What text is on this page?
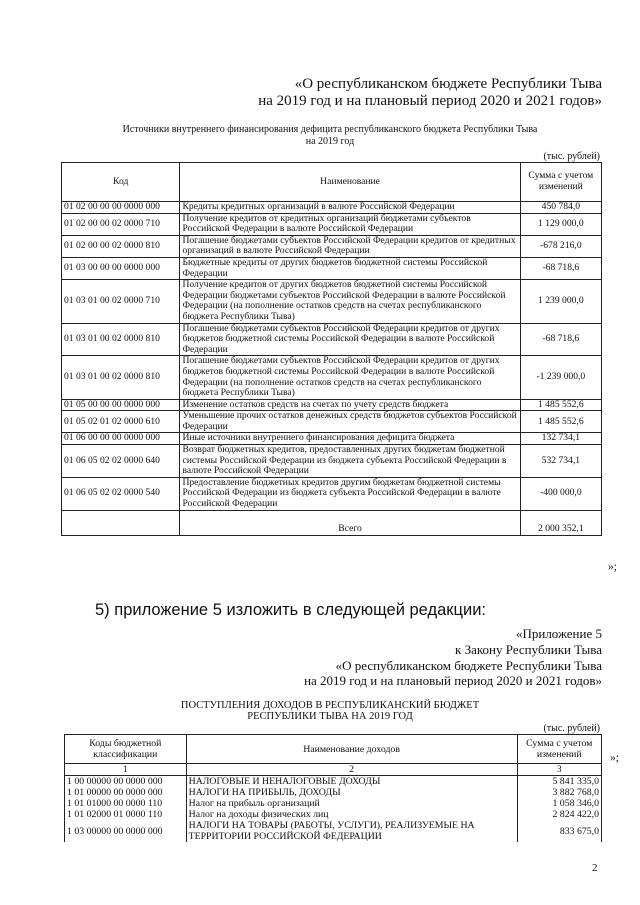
«О республиканском бюджете Республики Тыва
на 2019 год и на плановый период 2020 и 2021 годов»
Источники внутреннего финансирования дефицита республиканского бюджета Республики Тыва
на 2019 год
(тыс. рублей)
Код	Наименование	Сумма с учетом изменений
01 02 00 00 00 0000 000	Кредиты кредитных организаций в валюте Российской Федерации	450 784,0
01 02 00 00 02 0000 710	Получение кредитов от кредитных организаций бюджетами субъектов Российской Федерации в валюте Российской Федерации	1 129 000,0
01 02 00 00 02 0000 810	Погашение бюджетами субъектов Российской Федерации кредитов от кредитных организаций в валюте Российской Федерации	-678 216,0
01 03 00 00 00 0000 000	Бюджетные кредиты от других бюджетов бюджетной системы Российской Федерации	-68 718,6
01 03 01 00 02 0000 710	Получение кредитов от других бюджетов бюджетной системы Российской Федерации бюджетами субъектов Российской Федерации в валюте Российской Федерации (на пополнение остатков средств на счетах республиканского бюджета Республики Тыва)	1 239 000,0
01 03 01 00 02 0000 810	Погашение бюджетами субъектов Российской Федерации кредитов от других бюджетов бюджетной системы Российской Федерации в валюте Российской Федерации	-68 718,6
01 03 01 00 02 0000 810	Погашение бюджетами субъектов Российской Федерации кредитов от других бюджетов бюджетной системы Российской Федерации в валюте Российской Федерации (на пополнение остатков средств на счетах республиканского бюджета Республики Тыва)	-1 239 000,0
01 05 00 00 00 0000 000	Изменение остатков средств на счетах по учету средств бюджета	1 485 552,6
01 05 02 01 02 0000 610	Уменьшение прочих остатков денежных средств бюджетов субъектов Российской Федерации	1 485 552,6
01 06 00 00 00 0000 000	Иные источники внутреннего финансирования дефицита бюджета	132 734,1
01 06 05 02 02 0000 640	Возврат бюджетных кредитов, предоставленных других бюджетам бюджетной системы Российской Федерации из бюджета субъекта Российской Федерации в валюте Российской Федерации	532 734,1
01 06 05 02 02 0000 540	Предоставление бюджетных кредитов другим бюджетам бюджетной системы Российской Федерации из бюджета субъекта Российской Федерации в валюте Российской Федерации	-400 000,0
	Всего	2 000 352,1
»;
5) приложение 5 изложить в следующей редакции:
«Приложение 5
к Закону Республики Тыва
«О республиканском бюджете Республики Тыва
на 2019 год и на плановый период 2020 и 2021 годов»
ПОСТУПЛЕНИЯ ДОХОДОВ В РЕСПУБЛИКАНСКИЙ БЮДЖЕТ
РЕСПУБЛИКИ ТЫВА НА 2019 ГОД
(тыс. рублей)
Коды бюджетной классификации	Наименование доходов	Сумма с учетом изменений
1	2	3
1 00 00000 00 0000 000	НАЛОГОВЫЕ И НЕНАЛОГОВЫЕ ДОХОДЫ	5 841 335,0
1 01 00000 00 0000 000	НАЛОГИ НА ПРИБЫЛЬ, ДОХОДЫ	3 882 768,0
1 01 01000 00 0000 110	Налог на прибыль организаций	1 058 346,0
1 01 02000 01 0000 110	Налог на доходы физических лиц	2 824 422,0
1 03 00000 00 0000 000	НАЛОГИ НА ТОВАРЫ (РАБОТЫ, УСЛУГИ), РЕАЛИЗУЕМЫЕ НА ТЕРРИТОРИИ РОССИЙСКОЙ ФЕДЕРАЦИИ	833 675,0
»;
2
